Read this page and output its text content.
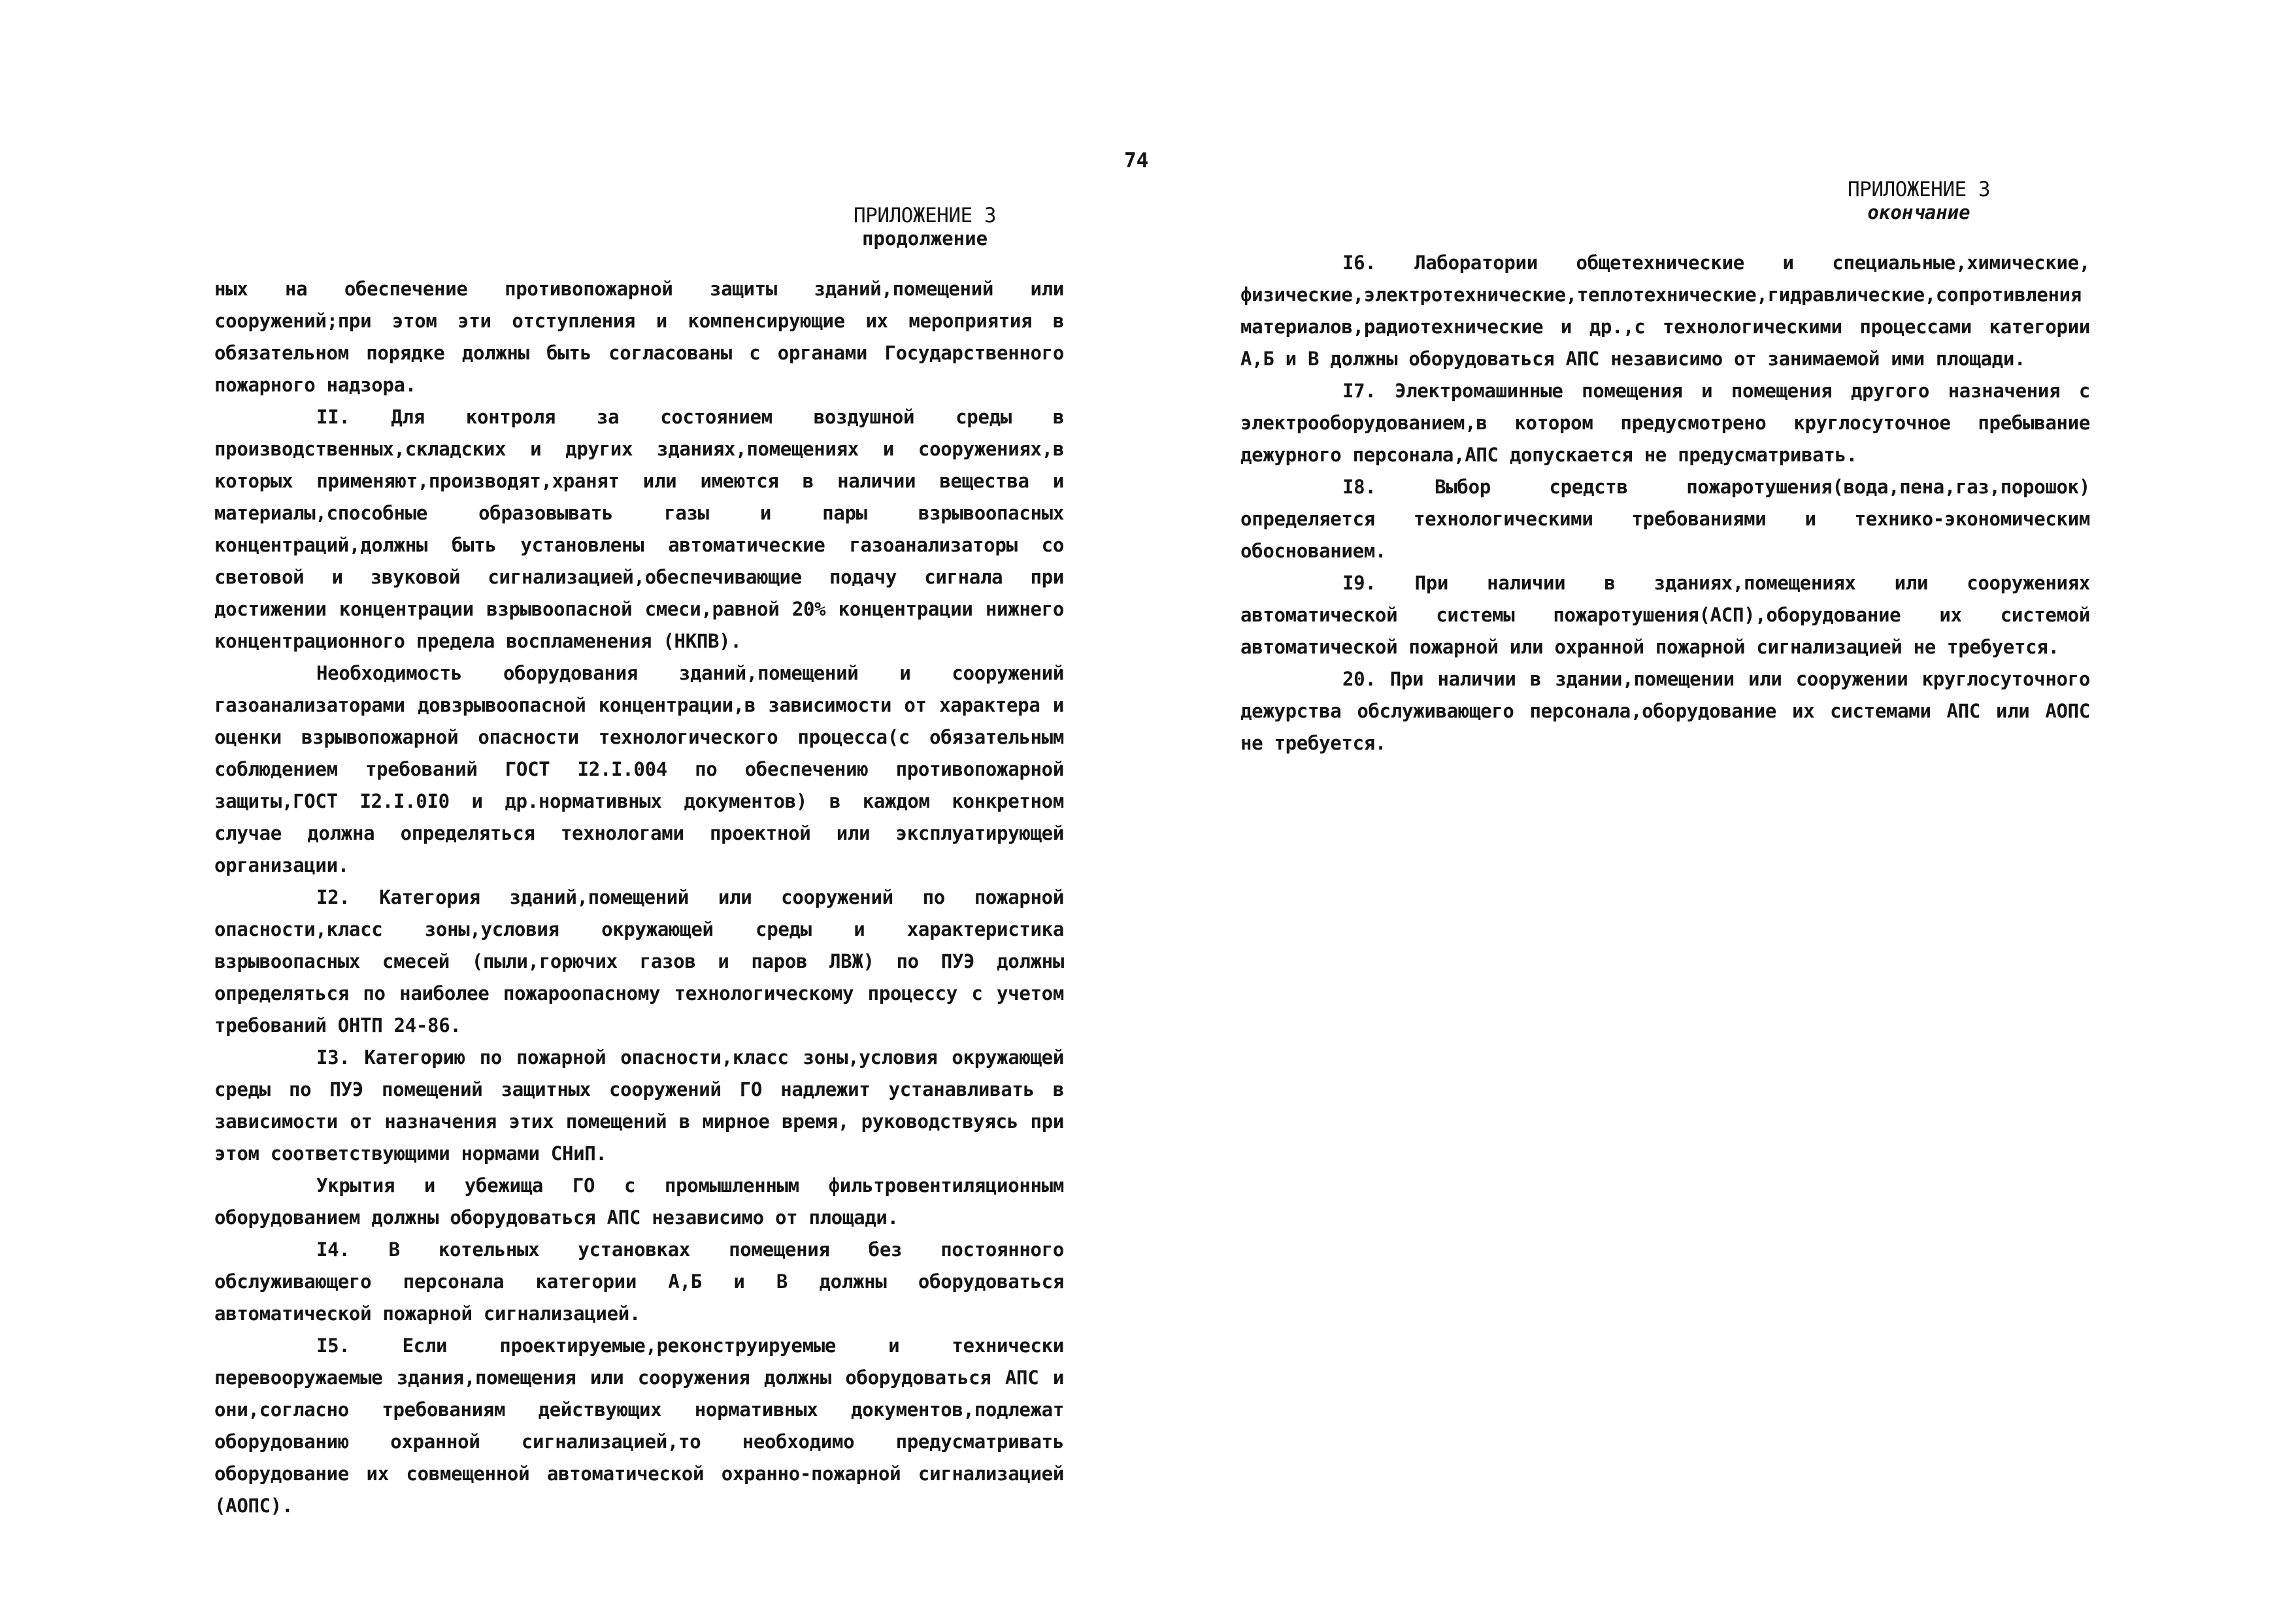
74
ПРИЛОЖЕНИЕ 3
продолжение
ПРИЛОЖЕНИЕ 3
окончание

ных на обеспечение противопожарной защиты зданий,помещений или сооружений;при этом эти отступления и компенсирующие их мероприятия в обязательном порядке должны быть согласованы с органами Государственного пожарного надзора.

II. Для контроля за состоянием воздушной среды в производственных,складских и других зданиях,помещениях и сооружениях,в которых применяют,производят,хранят или имеются в наличии вещества и материалы,способные образовывать газы и пары взрывоопасных концентраций,должны быть установлены автоматические газоанализаторы со световой и звуковой сигнализацией,обеспечивающие подачу сигнала при достижении концентрации взрывоопасной смеси,равной 20% концентрации нижнего концентрационного предела воспламенения (НКПВ).

Необходимость оборудования зданий,помещений и сооружений газоанализаторами довзрывоопасной концентрации,в зависимости от характера и оценки взрывопожарной опасности технологического процесса(с обязательным соблюдением требований ГОСТ I2.I.004 по обеспечению противопожарной защиты,ГОСТ I2.I.0I0 и др.нормативных документов) в каждом конкретном случае должна определяться технологами проектной или эксплуатирующей организации.

I2. Категория зданий,помещений или сооружений по пожарной опасности,класс зоны,условия окружающей среды и характеристика взрывоопасных смесей (пыли,горючих газов и паров ЛВЖ) по ПУЭ должны определяться по наиболее пожароопасному технологическому процессу с учетом требований ОНТП 24-86.

I3. Категорию по пожарной опасности,класс зоны,условия окружающей среды по ПУЭ помещений защитных сооружений ГО надлежит устанавливать в зависимости от назначения этих помещений в мирное время, руководствуясь при этом соответствующими нормами СНиП.

Укрытия и убежища ГО с промышленным фильтровентиляционным оборудованием должны оборудоваться АПС независимо от площади.

I4. В котельных установках помещения без постоянного обслуживающего персонала категории А,Б и В должны оборудоваться автоматической пожарной сигнализацией.

I5. Если проектируемые,реконструируемые и технически перевооружаемые здания,помещения или сооружения должны оборудоваться АПС и они,согласно требованиям действующих нормативных документов,подлежат оборудованию охранной сигнализацией,то необходимо предусматривать оборудование их совмещенной автоматической охранно-пожарной сигнализацией (АОПС).

I6. Лаборатории общетехнические и специальные,химические, физические,электротехнические,теплотехнические,гидравлические,сопротивления материалов,радиотехнические и др.,с технологическими процессами категории А,Б и В должны оборудоваться АПС независимо от занимаемой ими площади.

I7. Электромашинные помещения и помещения другого назначения с электрооборудованием,в котором предусмотрено круглосуточное пребывание дежурного персонала,АПС допускается не предусматривать.

I8. Выбор средств пожаротушения(вода,пена,газ,порошок) определяется технологическими требованиями и технико-экономическим обоснованием.

I9. При наличии в зданиях,помещениях или сооружениях автоматической системы пожаротушения(АСП),оборудование их системой автоматической пожарной или охранной пожарной сигнализацией не требуется.

20. При наличии в здании,помещении или сооружении круглосуточного дежурства обслуживающего персонала,оборудование их системами АПС или АОПС не требуется.
